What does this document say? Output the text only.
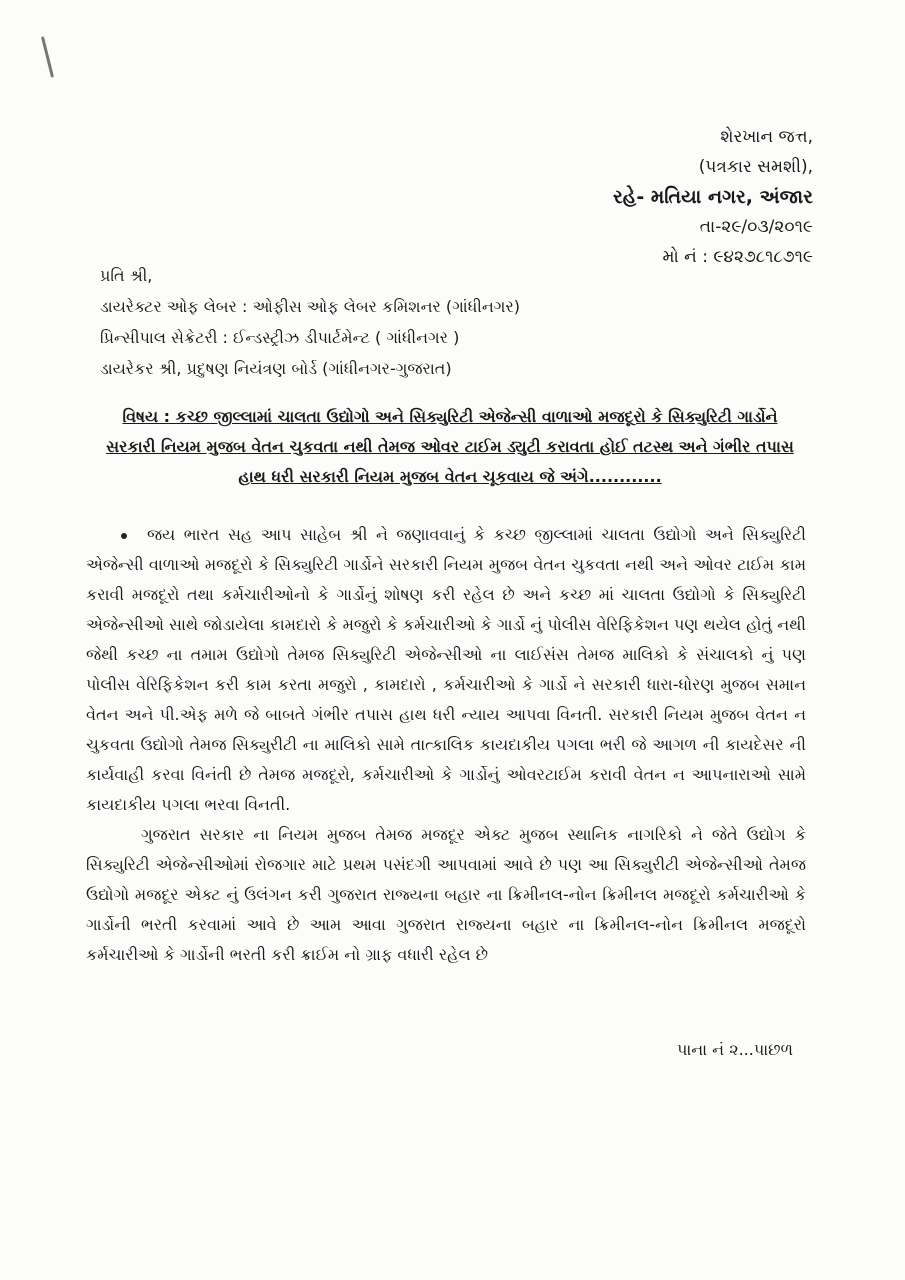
શેરખાન જત્ત,
(પત્રકાર સમશી),
રહે- મતિયા નગર, અંજાર
તા-૨૯/૦૩/૨૦૧૯
મો નં : ૯૪૨૭૮૧૮૭૧૯
પ્રતિ શ્રી,
ડાયરેક્ટર ઓફ લેબર : ઓફીસ ઓફ લેબર કમિશનર (ગાંધીનગર)
પ્રિન્સીપાલ સેક્રેટરી : ઈન્ડસ્ટ્રીઝ ડીપાર્ટમેન્ટ ( ગાંધીનગર )
ડાયરેકર શ્રી, પ્રદુષણ નિયંત્રણ બોર્ડ (ગાંધીનગર-ગુજરાત)
વિષય : કચ્છ જીલ્લામાં ચાલતા ઉદ્યોગો અને સિક્યુરિટી એજેન્સી વાળાઓ મજદૂરો કે સિક્યુરિટી ગાર્ડોને સરકારી નિયમ મુજબ વેતન ચુકવતા નથી તેમજ ઓવર ટાઈમ ડ્યુટી કરાવતા હોઈ તટસ્થ અને ગંભીર તપાસ હાથ ધરી સરકારી નિયમ મુજબ વેતન ચૂકવાય જે અંગે............

જય ભારત સહ આપ સાહેબ શ્રી ને જણાવવાનું કે કચ્છ જીલ્લામાં ચાલતા ઉદ્યોગો અને સિક્યુરિટી એજેન્સી વાળાઓ મજદૂરો કે સિક્યુરિટી ગાર્ડોને સરકારી નિયમ મુજબ વેતન ચુકવતા નથી અને ઓવર ટાઈમ કામ કરાવી મજદૂરો તથા કર્મચારીઓનો કે ગાર્ડોનું શોષણ કરી રહેલ છે અને કચ્છ માં ચાલતા ઉદ્યોગો કે સિક્યુરિટી એજેન્સીઓ સાથે જોડાયેલા કામદારો કે મજુરો કે કર્મચારીઓ કે ગાર્ડો નું પોલીસ વેરિફિકેશન પણ થયેલ હોતું નથી જેથી કચ્છ ના તમામ ઉદ્યોગો તેમજ સિક્યુરિટી એજેન્સીઓ ના લાઈસંસ તેમજ માલિકો કે સંચાલકો નું પણ પોલીસ વેરિફિકેશન કરી કામ કરતા મજુરો , કામદારો , કર્મચારીઓ કે ગાર્ડો ને સરકારી ધારા-ધોરણ મુજબ સમાન વેતન અને પી.એફ મળે જે બાબતે ગંભીર તપાસ હાથ ધરી ન્યાય આપવા વિનતી. સરકારી નિયમ મુજબ વેતન ન ચુકવતા ઉદ્યોગો તેમજ સિક્યુરીટી ના માલિકો સામે તાત્કાલિક કાયદાકીય પગલા ભરી જે આગળ ની કાયદેસર ની કાર્યવાહી કરવા વિનંતી છે તેમજ મજદૂરો, કર્મચારીઓ કે ગાર્ડોનું ઓવરટાઈમ કરાવી વેતન ન આપનારાઓ સામે કાયદાકીય પગલા ભરવા વિનતી.

ગુજરાત સરકાર ના નિયમ મુજબ તેમજ મજદૂર એક્ટ મુજબ સ્થાનિક નાગરિકો ને જેતે ઉદ્યોગ કે સિક્યુરિટી એજેન્સીઓમાં રોજગાર માટે પ્રથમ પસંદગી આપવામાં આવે છે પણ આ સિક્યુરીટી એજેન્સીઓ તેમજ ઉદ્યોગો મજદૂર એક્ટ નું ઉલંગન કરી ગુજરાત રાજ્યના બહાર ના ક્રિમીનલ-નોન ક્રિમીનલ મજદૂરો કર્મચારીઓ કે ગાર્ડોની ભરતી કરવામાં આવે છે આમ આવા ગુજરાત રાજ્યના બહાર ના ક્રિમીનલ-નોન ક્રિમીનલ મજદૂરો કર્મચારીઓ કે ગાર્ડોની ભરતી કરી ક્રાઈમ નો ગ્રાફ વધારી રહેલ છે

પાના નં ૨...પાછળ
